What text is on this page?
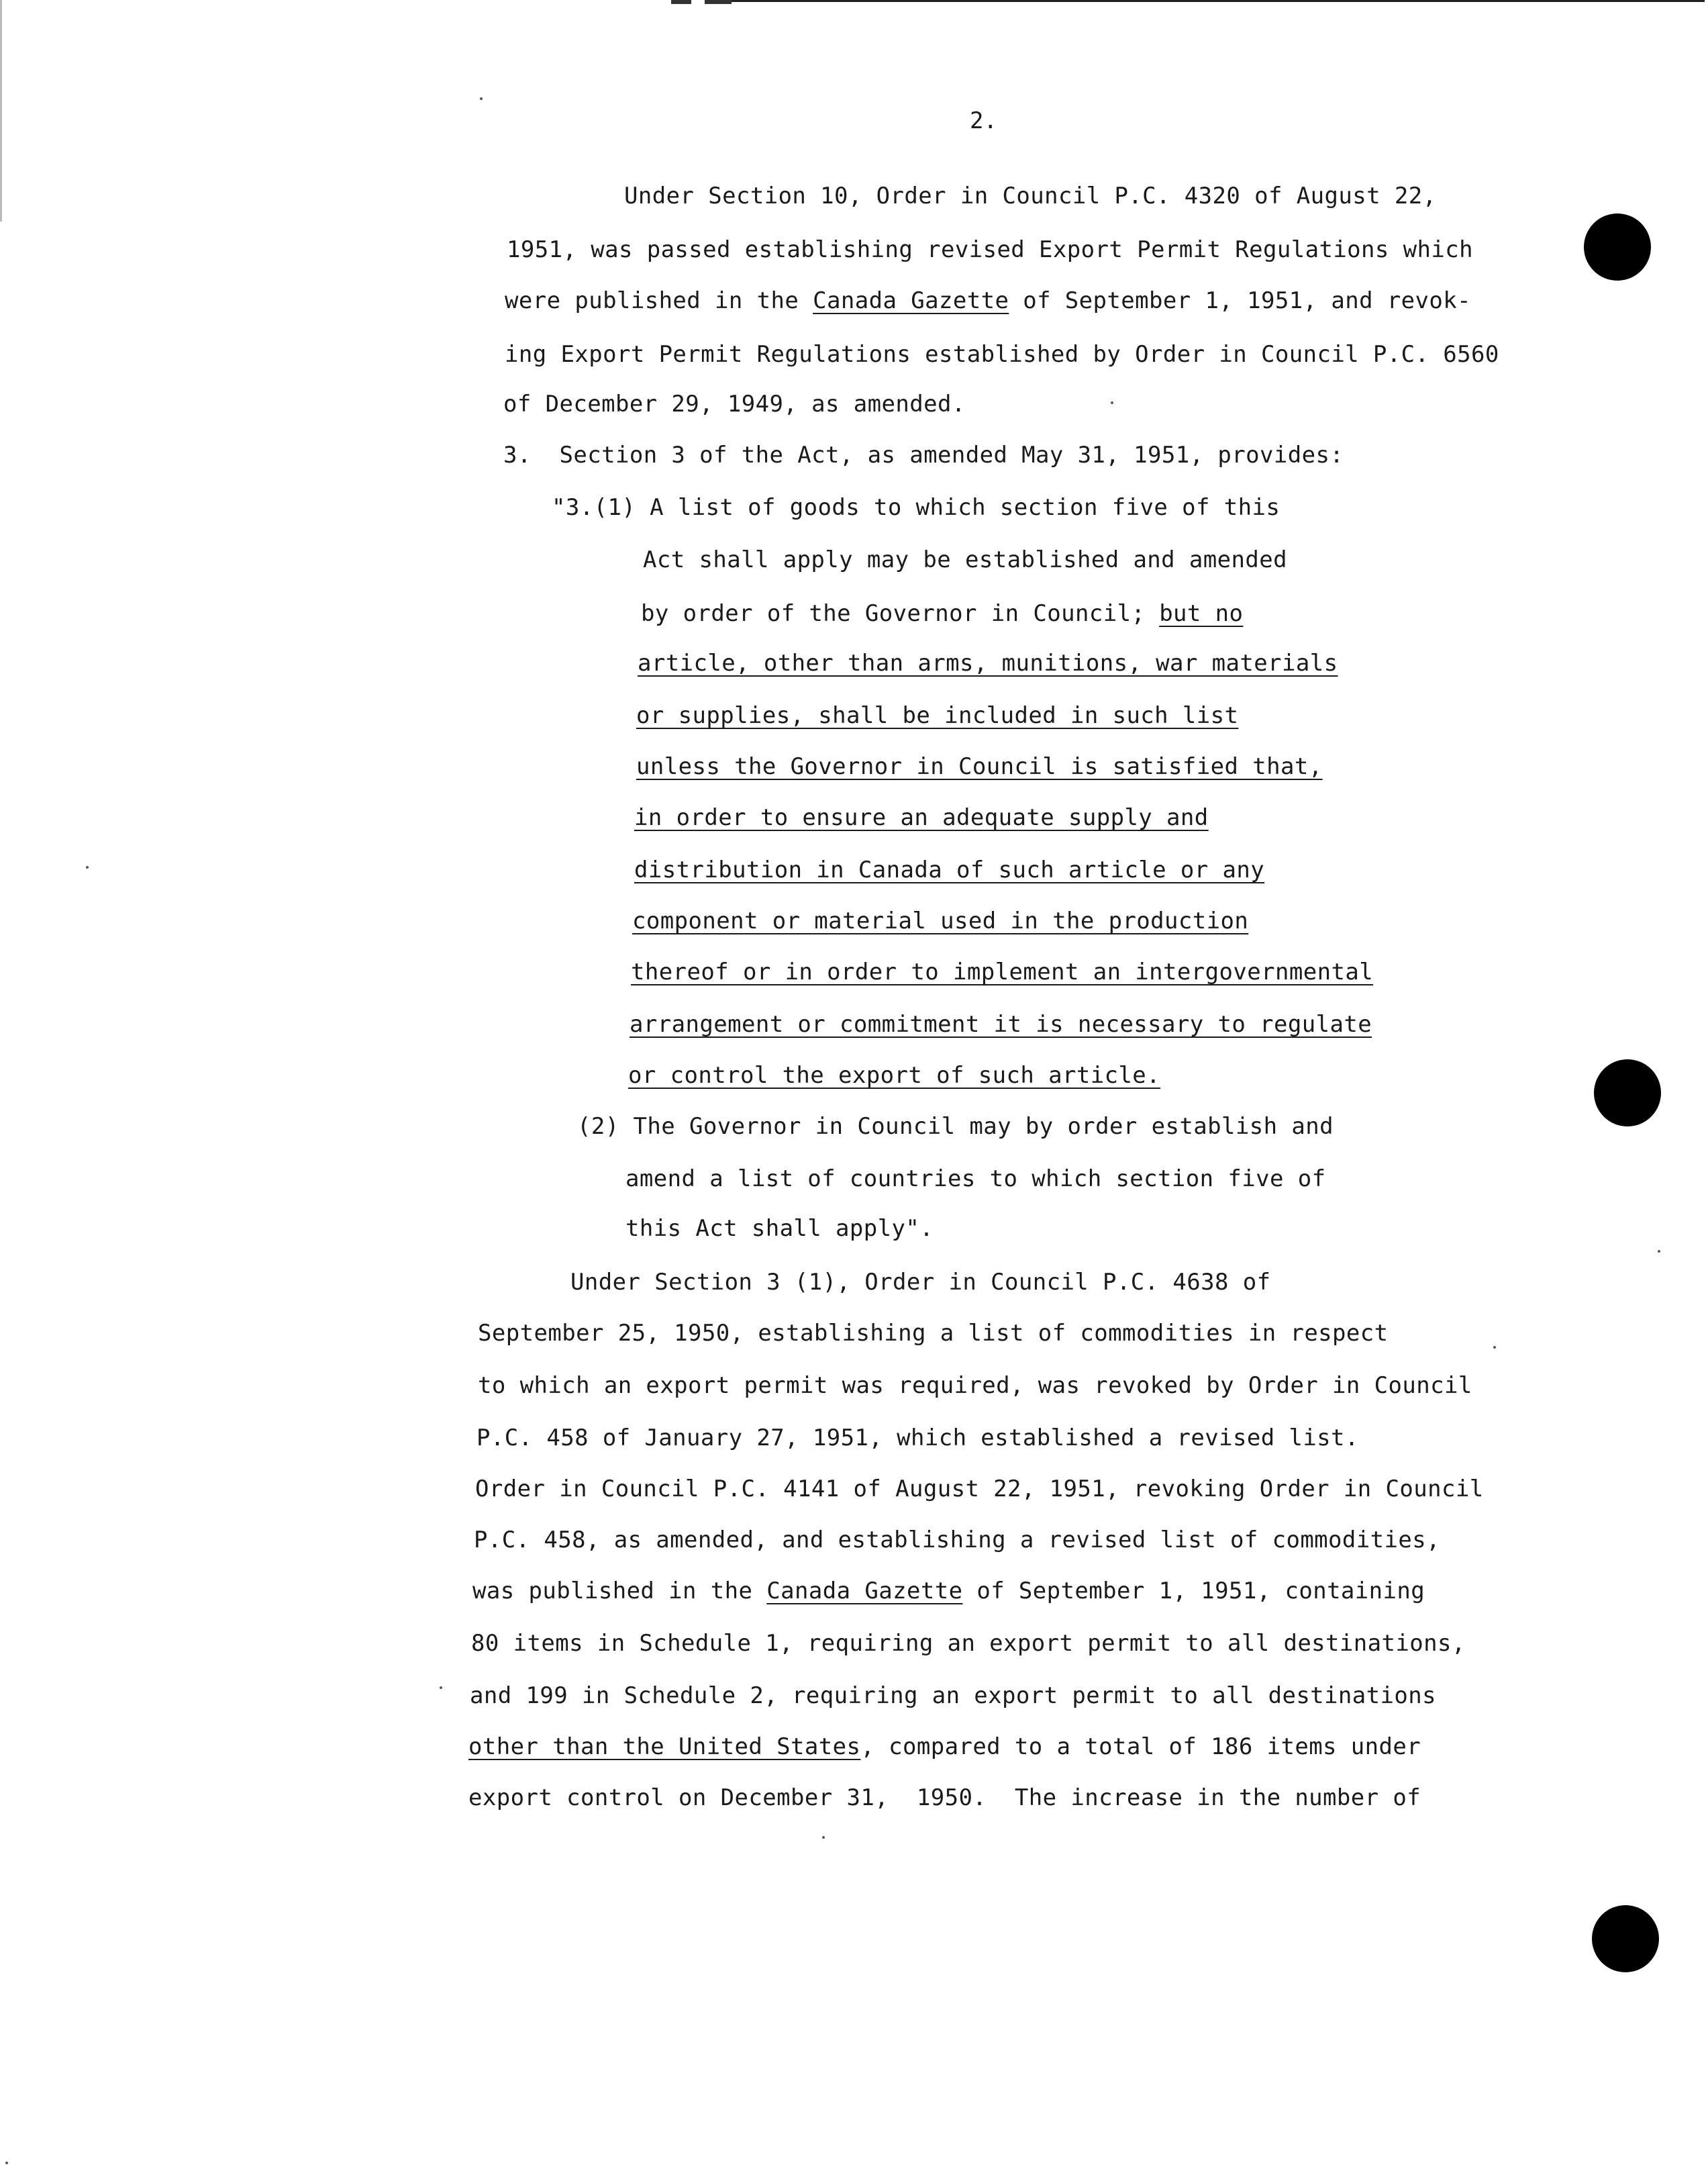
2.
Under Section 10, Order in Council P.C. 4320 of August 22,
1951, was passed establishing revised Export Permit Regulations which
were published in the Canada Gazette of September 1, 1951, and revok-
ing Export Permit Regulations established by Order in Council P.C. 6560
of December 29, 1949, as amended.
3.  Section 3 of the Act, as amended May 31, 1951, provides:
"3.(1) A list of goods to which section five of this
Act shall apply may be established and amended
by order of the Governor in Council; but no
article, other than arms, munitions, war materials
or supplies, shall be included in such list
unless the Governor in Council is satisfied that,
in order to ensure an adequate supply and
distribution in Canada of such article or any
component or material used in the production
thereof or in order to implement an intergovernmental
arrangement or commitment it is necessary to regulate
or control the export of such article.
(2) The Governor in Council may by order establish and
amend a list of countries to which section five of
this Act shall apply".
Under Section 3 (1), Order in Council P.C. 4638 of
September 25, 1950, establishing a list of commodities in respect
to which an export permit was required, was revoked by Order in Council
P.C. 458 of January 27, 1951, which established a revised list.
Order in Council P.C. 4141 of August 22, 1951, revoking Order in Council
P.C. 458, as amended, and establishing a revised list of commodities,
was published in the Canada Gazette of September 1, 1951, containing
80 items in Schedule 1, requiring an export permit to all destinations,
and 199 in Schedule 2, requiring an export permit to all destinations
other than the United States, compared to a total of 186 items under
export control on December 31,  1950.  The increase in the number of
